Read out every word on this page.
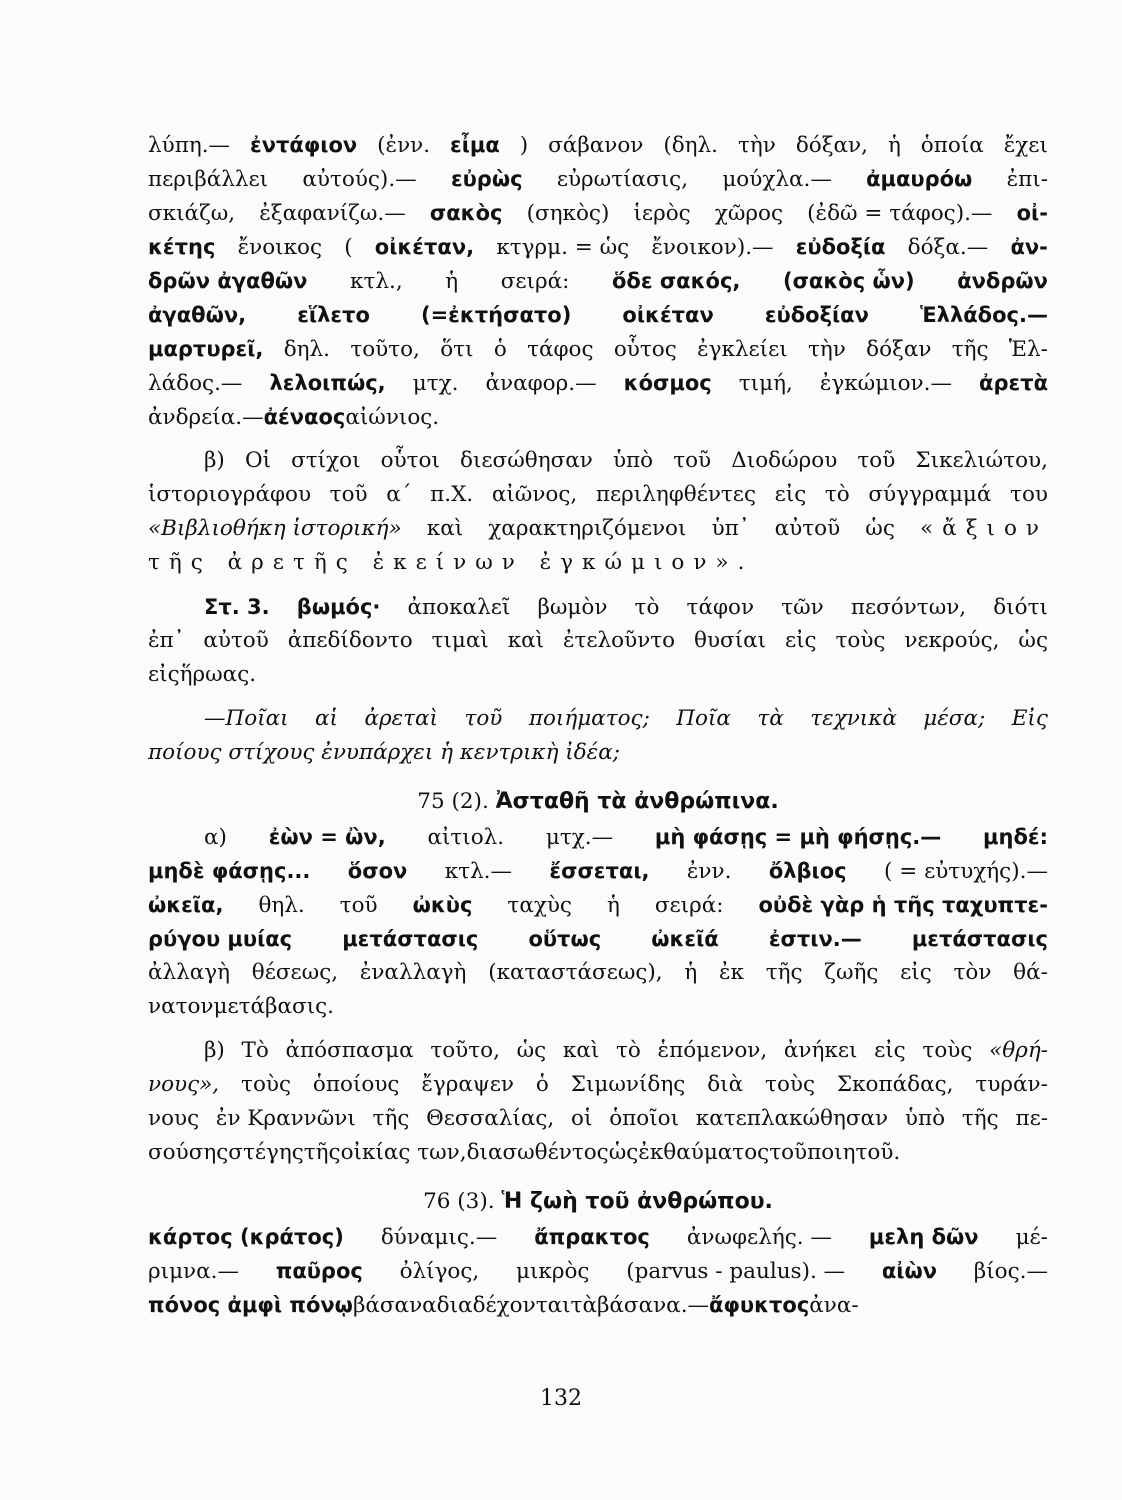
λύπη.— ἐντάφιον (ἐνν. εἶμα ) σάβανον (δηλ. τὴν δόξαν, ἡ ὁποία ἔχει
περιβάλλει αὐτούς).— εὐρὼς εὐρωτίασις, μούχλα.— ἀμαυρόω ἐπι-
σκιάζω, ἐξαφανίζω.— σακὸς (σηκὸς) ἱερὸς χῶρος (ἐδῶ = τάφος).— οἰ-
κέτης ἔνοικος ( οἰκέταν, κτγρμ. = ὡς ἔνοικον).— εὐδοξία δόξα.— ἀν-
δρῶν ἀγαθῶν κτλ., ἡ σειρά: ὅδε σακός, (σακὸς ὧν) ἀνδρῶν
ἀγαθῶν, εἵλετο (=ἐκτήσατο) οἰκέταν εὐδοξίαν Ἑλλάδος.—
μαρτυρεῖ, δηλ. τοῦτο, ὅτι ὁ τάφος οὗτος ἐγκλείει τὴν δόξαν τῆς Ἑλ-
λάδος.— λελοιπώς, μτχ. ἀναφορ.— κόσμος τιμή, ἐγκώμιον.— ἀρετὰ
ἀνδρεία.— ἀέναος αἰώνιος.
β) Οἱ στίχοι οὗτοι διεσώθησαν ὑπὸ τοῦ Διοδώρου τοῦ Σικελιώτου,
ἱστοριογράφου τοῦ α΄ π.Χ. αἰῶνος, περιληφθέντες εἰς τὸ σύγγραμμά του
«Βιβλιοθήκη ἱστορική» καὶ χαρακτηριζόμενοι ὑπ᾿ αὐτοῦ ὡς «ἄξιον
τῆς ἀρετῆς ἐκείνων ἐγκώμιον».
Στ. 3. βωμός· ἀποκαλεῖ βωμὸν τὸ τάφον τῶν πεσόντων, διότι
ἐπ᾿ αὐτοῦ ἀπεδίδοντο τιμαὶ καὶ ἐτελοῦντο θυσίαι εἰς τοὺς νεκρούς, ὡς
εἰς ἥρωας.
—Ποῖαι αἱ ἀρεταὶ τοῦ ποιήματος; Ποῖα τὰ τεχνικὰ μέσα; Εἰς
ποίους στίχους ἐνυπάρχει ἡ κεντρικὴ ἰδέα;
75 (2). Ἀσταθῆ τὰ ἀνθρώπινα.
α) ἐὼν = ὢν, αἰτιολ. μτχ.— μὴ φάσῃς = μὴ φήσῃς.— μηδέ:
μηδὲ φάσῃς... ὅσον κτλ.— ἔσσεται, ἐνν. ὄλβιος ( = εὐτυχής).—
ὠκεῖα, θηλ. τοῦ ὠκὺς ταχὺς ἡ σειρά: οὐδὲ γὰρ ἡ τῆς ταχυπτε-
ρύγου μυίας μετάστασις οὕτως ὠκεῖά ἐστιν.— μετάστασις
ἀλλαγὴ θέσεως, ἐναλλαγὴ (καταστάσεως), ἡ ἐκ τῆς ζωῆς εἰς τὸν θά-
νατον μετάβασις.
β) Τὸ ἀπόσπασμα τοῦτο, ὡς καὶ τὸ ἑπόμενον, ἀνήκει εἰς τοὺς «θρή-
νους», τοὺς ὁποίους ἔγραψεν ὁ Σιμωνίδης διὰ τοὺς Σκοπάδας, τυράν-
νους ἐν Κραννῶνι τῆς Θεσσαλίας, οἱ ὁποῖοι κατεπλακώθησαν ὑπὸ τῆς πε-
σούσης στέγης τῆς οἰκίας των, διασωθέντος ὡς ἐκ θαύματος τοῦ ποιητοῦ.
76 (3). Ἡ ζωὴ τοῦ ἀνθρώπου.
κάρτος (κράτος) δύναμις.— ἄπρακτος ἀνωφελής. — μελη δῶν μέ-
ριμνα.— παῦρος ὀλίγος, μικρὸς (parvus - paulus). — αἰὼν βίος.—
πόνος ἀμφὶ πόνῳ βάσανα διαδέχονται τὰ βάσανα.— ἄφυκτος ἀνα-
132
